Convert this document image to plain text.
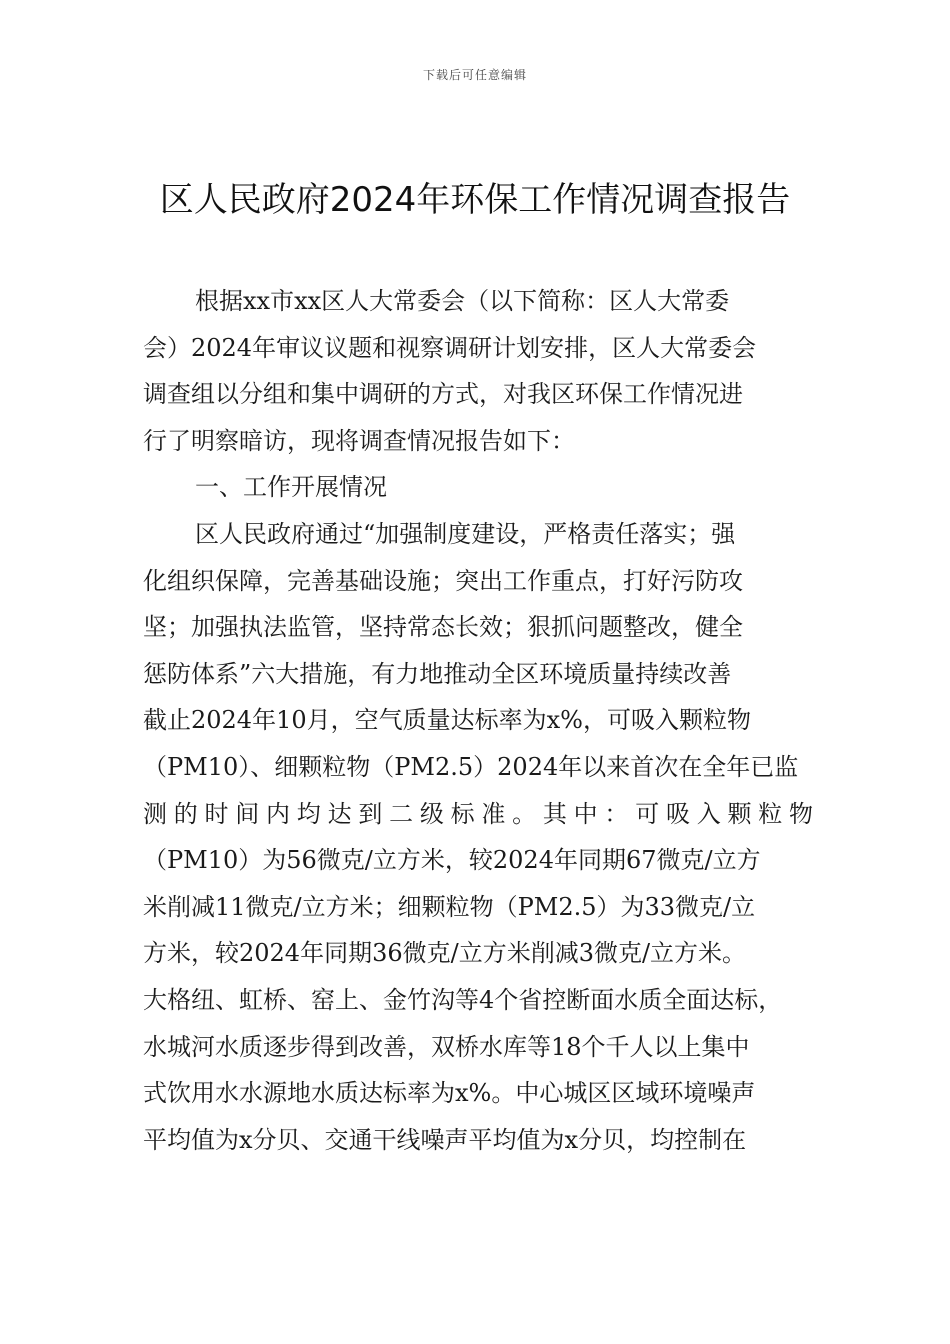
下载后可任意编辑
区人民政府2024年环保工作情况调查报告
根据xx市xx区人大常委会（以下简称：区人大常委
会）2024年审议议题和视察调研计划安排，区人大常委会
调查组以分组和集中调研的方式，对我区环保工作情况进
行了明察暗访，现将调查情况报告如下：
一、工作开展情况
区人民政府通过“加强制度建设，严格责任落实；强
化组织保障，完善基础设施；突出工作重点，打好污防攻
坚；加强执法监管，坚持常态长效；狠抓问题整改，健全
惩防体系”六大措施，有力地推动全区环境质量持续改善
截止2024年10月，空气质量达标率为x%，可吸入颗粒物
（PM10）、细颗粒物（PM2.5）2024年以来首次在全年已监
测的时间内均达到二级标准。其中：可吸入颗粒物
（PM10）为56微克/立方米，较2024年同期67微克/立方
米削减11微克/立方米；细颗粒物（PM2.5）为33微克/立
方米，较2024年同期36微克/立方米削减3微克/立方米。
大格纽、虹桥、窑上、金竹沟等4个省控断面水质全面达标，
水城河水质逐步得到改善，双桥水库等18个千人以上集中
式饮用水水源地水质达标率为x%。中心城区区域环境噪声
平均值为x分贝、交通干线噪声平均值为x分贝，均控制在
